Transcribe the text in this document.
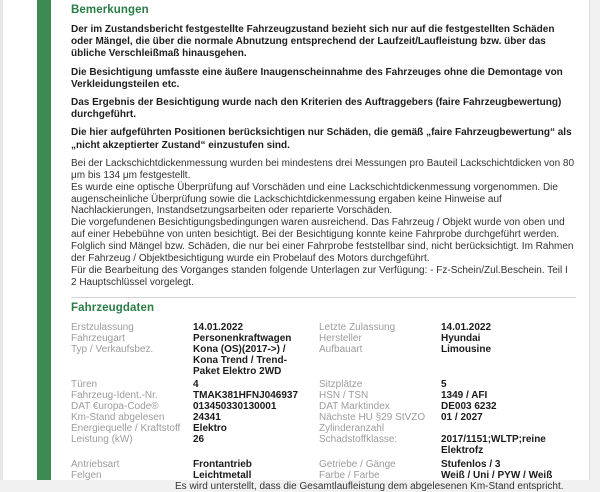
Bemerkungen

Der im Zustandsbericht festgestellte Fahrzeugzustand bezieht sich nur auf die festgestellten Schäden oder Mängel, die über die normale Abnutzung entsprechend der Laufzeit/Laufleistung bzw. über das übliche Verschleißmaß hinausgehen.

Die Besichtigung umfasste eine äußere Inaugenscheinnahme des Fahrzeuges ohne die Demontage von Verkleidungsteilen etc.

Das Ergebnis der Besichtigung wurde nach den Kriterien des Auftraggebers (faire Fahrzeugbewertung) durchgeführt.

Die hier aufgeführten Positionen berücksichtigen nur Schäden, die gemäß „faire Fahrzeugbewertung“ als „nicht akzeptierter Zustand“ einzustufen sind.

Bei der Lackschichtdickenmessung wurden bei mindestens drei Messungen pro Bauteil Lackschichtdicken von 80 μm bis 134 μm festgestellt.
Es wurde eine optische Überprüfung auf Vorschäden und eine Lackschichtdickenmessung vorgenommen. Die augenscheinliche Überprüfung sowie die Lackschichtdickenmessung ergaben keine Hinweise auf Nachlackierungen, Instandsetzungsarbeiten oder reparierte Vorschäden.
Die vorgefundenen Besichtigungsbedingungen waren ausreichend. Das Fahrzeug / Objekt wurde von oben und auf einer Hebebühne von unten besichtigt. Bei der Besichtigung konnte keine Fahrprobe durchgeführt werden. Folglich sind Mängel bzw. Schäden, die nur bei einer Fahrprobe feststellbar sind, nicht berücksichtigt. Im Rahmen der Fahrzeug / Objektbesichtigung wurde ein Probelauf des Motors durchgeführt.
Für die Bearbeitung des Vorganges standen folgende Unterlagen zur Verfügung: - Fz-Schein/Zul.Beschein. Teil I
2 Hauptschlüssel vorgelegt.
Fahrzeugdaten
Erstzulassung	14.01.2022	Letzte Zulassung	14.01.2022
Fahrzeugart	Personenkraftwagen	Hersteller	Hyundai
Typ / Verkaufsbez.	Kona (OS)(2017->) / Kona Trend / Trend-Paket Elektro 2WD
Aufbauart	Limousine
Türen	4	Sitzplätze	5
Fahrzeug-Ident.-Nr.	TMAK381HFNJ046937	HSN / TSN	1349 / AFI
DAT €uropa-Code®	013450330130001	DAT Marktindex	DE003 6232
Km-Stand abgelesen	24341	Nächste HU §29 StVZO	01 / 2027
Energiequelle / Kraftstoff	Elektro	Zylinderanzahl
Leistung (kW)	26	Schadstoffklasse:	2017/1151;WLTP;reine Elektrofz
Antriebsart	Frontantrieb	Getriebe / Gänge	Stufenlos / 3
Felgen	Leichtmetall	Farbe / Farbe	Weiß / Uni / PYW / Weiß
Es wird unterstellt, dass die Gesamtlaufleistung dem abgelesenen Km-Stand entspricht.
